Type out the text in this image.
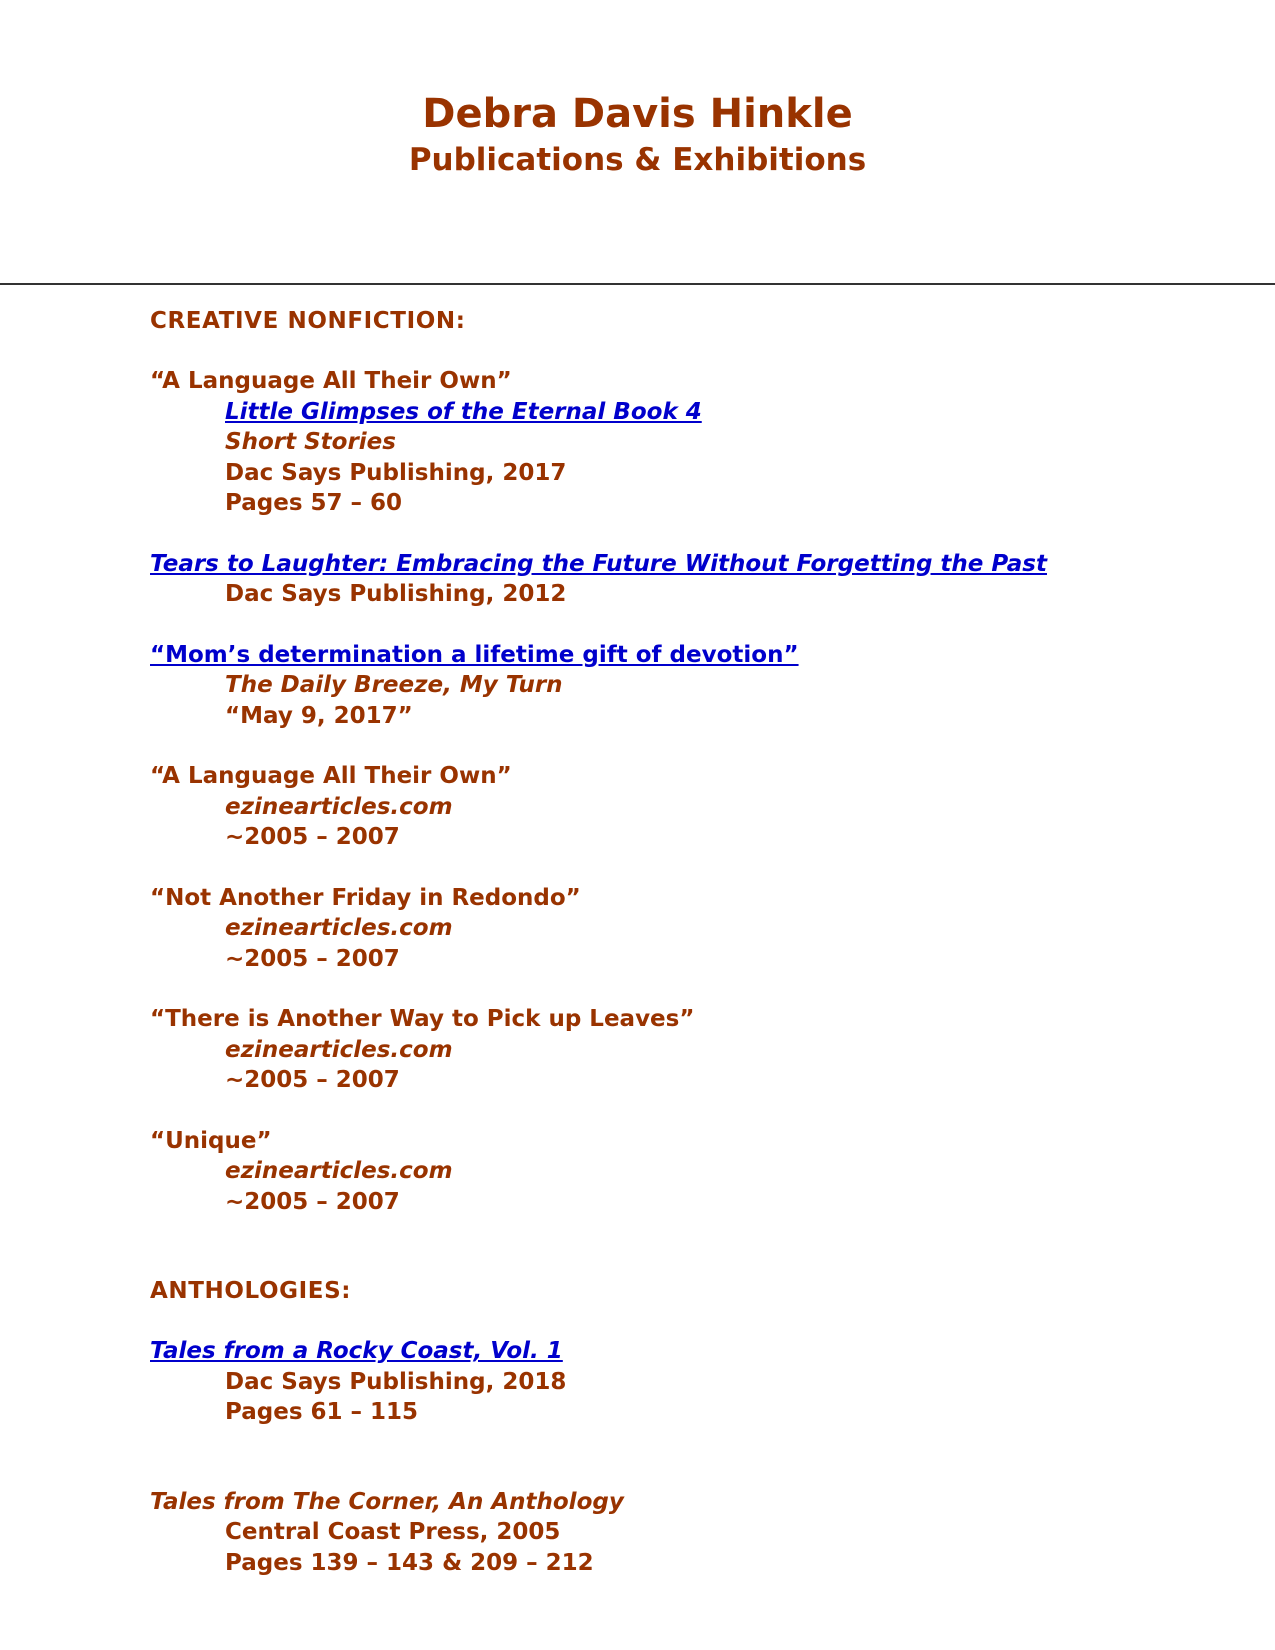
Debra Davis Hinkle
Publications & Exhibitions
CREATIVE NONFICTION:
“A Language All Their Own”
Little Glimpses of the Eternal Book 4
Short Stories
Dac Says Publishing, 2017
Pages 57 – 60
Tears to Laughter: Embracing the Future Without Forgetting the Past
Dac Says Publishing, 2012
“Mom’s determination a lifetime gift of devotion”
The Daily Breeze, My Turn
“May 9, 2017”
“A Language All Their Own”
ezinearticles.com
~2005 – 2007
“Not Another Friday in Redondo”
ezinearticles.com
~2005 – 2007
“There is Another Way to Pick up Leaves”
ezinearticles.com
~2005 – 2007
“Unique”
ezinearticles.com
~2005 – 2007
ANTHOLOGIES:
Tales from a Rocky Coast, Vol. 1
Dac Says Publishing, 2018
Pages 61 – 115
Tales from The Corner, An Anthology
Central Coast Press, 2005
Pages 139 – 143 & 209 – 212
